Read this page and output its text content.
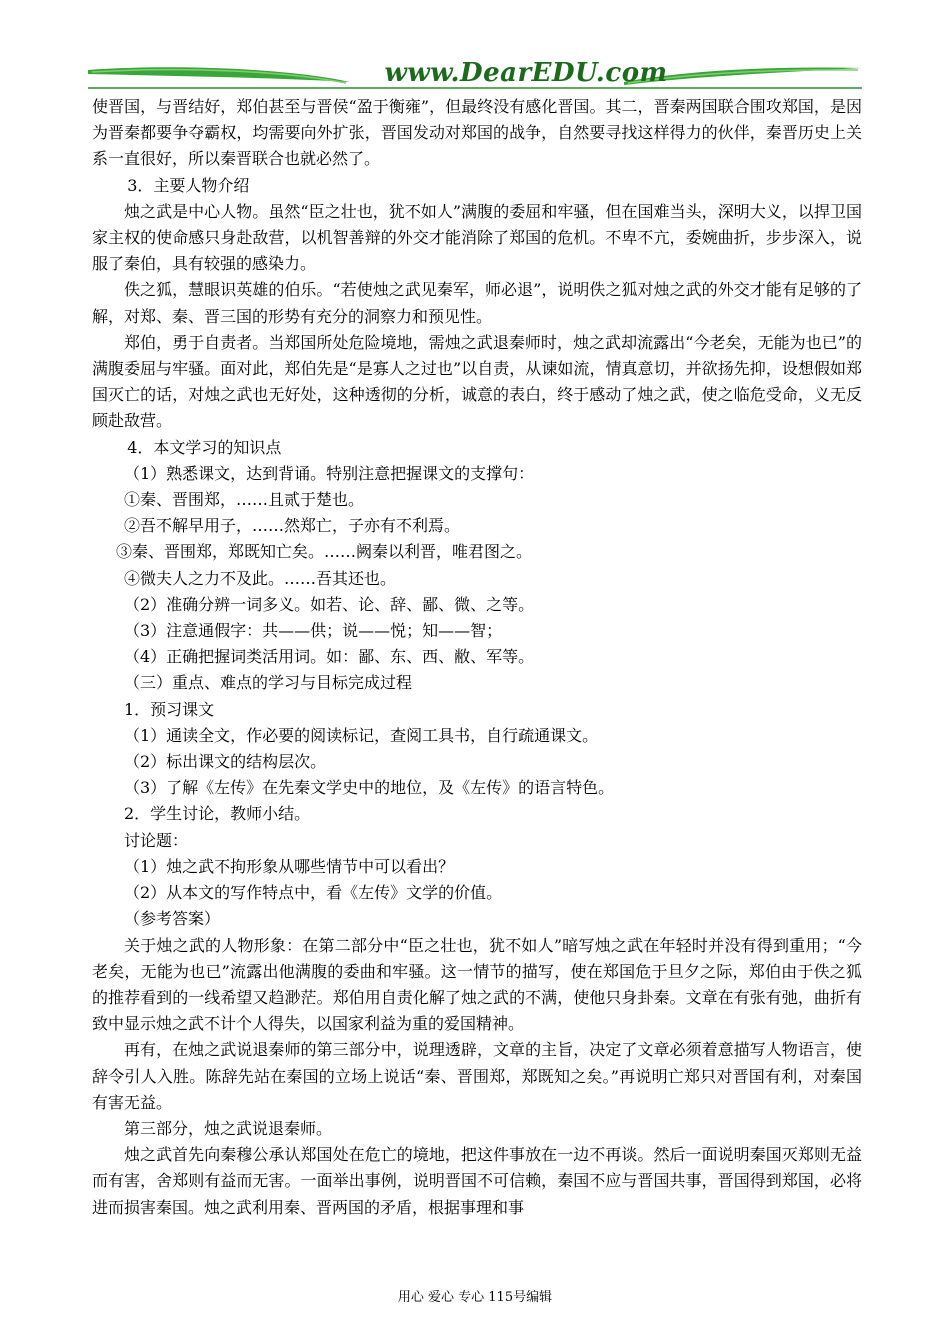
www.DearEDU.com

使晋国，与晋结好，郑伯甚至与晋侯“盈于衡雍”，但最终没有感化晋国。其二，晋秦两国联合围攻郑国，是因为晋秦都要争夺霸权，均需要向外扩张，晋国发动对郑国的战争，自然要寻找这样得力的伙伴，秦晋历史上关系一直很好，所以秦晋联合也就必然了。

3．主要人物介绍

烛之武是中心人物。虽然“臣之壮也，犹不如人”满腹的委屈和牢骚，但在国难当头，深明大义，以捍卫国家主权的使命感只身赴敌营，以机智善辩的外交才能消除了郑国的危机。不卑不亢，委婉曲折，步步深入，说服了秦伯，具有较强的感染力。

佚之狐，慧眼识英雄的伯乐。“若使烛之武见秦军，师必退”，说明佚之狐对烛之武的外交才能有足够的了解，对郑、秦、晋三国的形势有充分的洞察力和预见性。

郑伯，勇于自责者。当郑国所处危险境地，需烛之武退秦师时，烛之武却流露出“今老矣，无能为也已”的满腹委屈与牢骚。面对此，郑伯先是“是寡人之过也”以自责，从谏如流，情真意切，并欲扬先抑，设想假如郑国灭亡的话，对烛之武也无好处，这种透彻的分析，诚意的表白，终于感动了烛之武，使之临危受命，义无反顾赴敌营。

4．本文学习的知识点

（1）熟悉课文，达到背诵。特别注意把握课文的支撑句：

①秦、晋围郑，……且贰于楚也。

②吾不解早用子，……然郑亡，子亦有不利焉。

③秦、晋围郑，郑既知亡矣。……阙秦以利晋，唯君图之。

④微夫人之力不及此。……吾其还也。

（2）准确分辨一词多义。如若、论、辞、鄙、微、之等。

（3）注意通假字：共——供；说——悦；知——智；

（4）正确把握词类活用词。如：鄙、东、西、敝、军等。

（三）重点、难点的学习与目标完成过程

1．预习课文

（1）通读全文，作必要的阅读标记，查阅工具书，自行疏通课文。

（2）标出课文的结构层次。

（3）了解《左传》在先秦文学史中的地位，及《左传》的语言特色。

2．学生讨论，教师小结。

讨论题：

（1）烛之武不拘形象从哪些情节中可以看出？

（2）从本文的写作特点中，看《左传》文学的价值。

（参考答案）

关于烛之武的人物形象：在第二部分中“臣之壮也，犹不如人”暗写烛之武在年轻时并没有得到重用；“今老矣，无能为也已”流露出他满腹的委曲和牢骚。这一情节的描写，使在郑国危于旦夕之际，郑伯由于佚之狐的推荐看到的一线希望又趋渺茫。郑伯用自责化解了烛之武的不满，使他只身卦秦。文章在有张有弛，曲折有致中显示烛之武不计个人得失，以国家利益为重的爱国精神。

再有，在烛之武说退秦师的第三部分中，说理透辟，文章的主旨，决定了文章必须着意描写人物语言，使辞令引人入胜。陈辞先站在秦国的立场上说话“秦、晋围郑，郑既知之矣。”再说明亡郑只对晋国有利，对秦国有害无益。

第三部分，烛之武说退秦师。

烛之武首先向秦穆公承认郑国处在危亡的境地，把这件事放在一边不再谈。然后一面说明秦国灭郑则无益而有害，舍郑则有益而无害。一面举出事例，说明晋国不可信赖，秦国不应与晋国共事，晋国得到郑国，必将进而损害秦国。烛之武利用秦、晋两国的矛盾，根据事理和事

用心 爱心 专心 115号编辑
